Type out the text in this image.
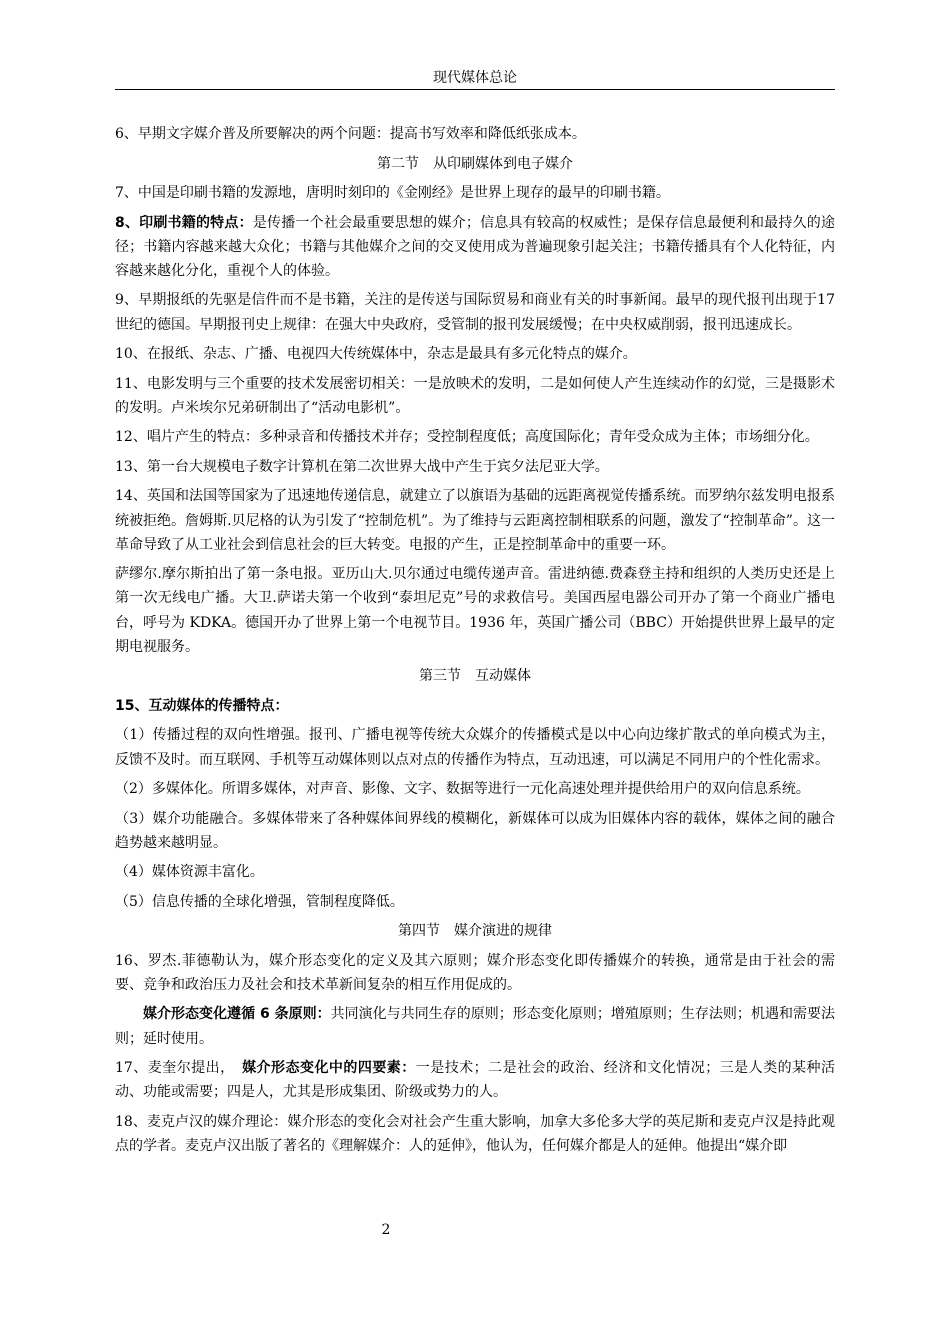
现代媒体总论

6、早期文字媒介普及所要解决的两个问题：提高书写效率和降低纸张成本。

第二节　从印刷媒体到电子媒介

7、中国是印刷书籍的发源地，唐明时刻印的《金刚经》是世界上现存的最早的印刷书籍。

8、印刷书籍的特点：是传播一个社会最重要思想的媒介；信息具有较高的权威性；是保存信息最便利和最持久的途径；书籍内容越来越大众化；书籍与其他媒介之间的交叉使用成为普遍现象引起关注；书籍传播具有个人化特征，内容越来越化分化，重视个人的体验。

9、早期报纸的先驱是信件而不是书籍，关注的是传送与国际贸易和商业有关的时事新闻。最早的现代报刊出现于17世纪的德国。早期报刊史上规律：在强大中央政府，受管制的报刊发展缓慢；在中央权威削弱，报刊迅速成长。

10、在报纸、杂志、广播、电视四大传统媒体中，杂志是最具有多元化特点的媒介。

11、电影发明与三个重要的技术发展密切相关：一是放映术的发明，二是如何使人产生连续动作的幻觉，三是摄影术的发明。卢米埃尔兄弟研制出了“活动电影机”。

12、唱片产生的特点：多种录音和传播技术并存；受控制程度低；高度国际化；青年受众成为主体；市场细分化。

13、第一台大规模电子数字计算机在第二次世界大战中产生于宾夕法尼亚大学。

14、英国和法国等国家为了迅速地传递信息，就建立了以旗语为基础的远距离视觉传播系统。而罗纳尔兹发明电报系统被拒绝。詹姆斯.贝尼格的认为引发了“控制危机”。为了维持与云距离控制相联系的问题，激发了“控制革命”。这一革命导致了从工业社会到信息社会的巨大转变。电报的产生，正是控制革命中的重要一环。

萨缪尔.摩尔斯拍出了第一条电报。亚历山大.贝尔通过电缆传递声音。雷进纳德.费森登主持和组织的人类历史还是上第一次无线电广播。大卫.萨诺夫第一个收到“泰坦尼克”号的求救信号。美国西屋电器公司开办了第一个商业广播电台，呼号为 KDKA。德国开办了世界上第一个电视节目。1936 年，英国广播公司（BBC）开始提供世界上最早的定期电视服务。

第三节　互动媒体

15、互动媒体的传播特点：

（1）传播过程的双向性增强。报刊、广播电视等传统大众媒介的传播模式是以中心向边缘扩散式的单向模式为主，反馈不及时。而互联网、手机等互动媒体则以点对点的传播作为特点，互动迅速，可以满足不同用户的个性化需求。

（2）多媒体化。所谓多媒体，对声音、影像、文字、数据等进行一元化高速处理并提供给用户的双向信息系统。

（3）媒介功能融合。多媒体带来了各种媒体间界线的模糊化，新媒体可以成为旧媒体内容的载体，媒体之间的融合趋势越来越明显。

（4）媒体资源丰富化。

（5）信息传播的全球化增强，管制程度降低。

第四节　媒介演进的规律

16、罗杰.菲德勒认为，媒介形态变化的定义及其六原则；媒介形态变化即传播媒介的转换，通常是由于社会的需要、竞争和政治压力及社会和技术革新间复杂的相互作用促成的。

媒介形态变化遵循 6 条原则：共同演化与共同生存的原则；形态变化原则；增殖原则；生存法则；机遇和需要法则；延时使用。

17、麦奎尔提出，　媒介形态变化中的四要素：一是技术；二是社会的政治、经济和文化情况；三是人类的某种活动、功能或需要；四是人，尤其是形成集团、阶级或势力的人。

18、麦克卢汉的媒介理论：媒介形态的变化会对社会产生重大影响，加拿大多伦多大学的英尼斯和麦克卢汉是持此观点的学者。麦克卢汉出版了著名的《理解媒介：人的延伸》，他认为，任何媒介都是人的延伸。他提出“媒介即

2
